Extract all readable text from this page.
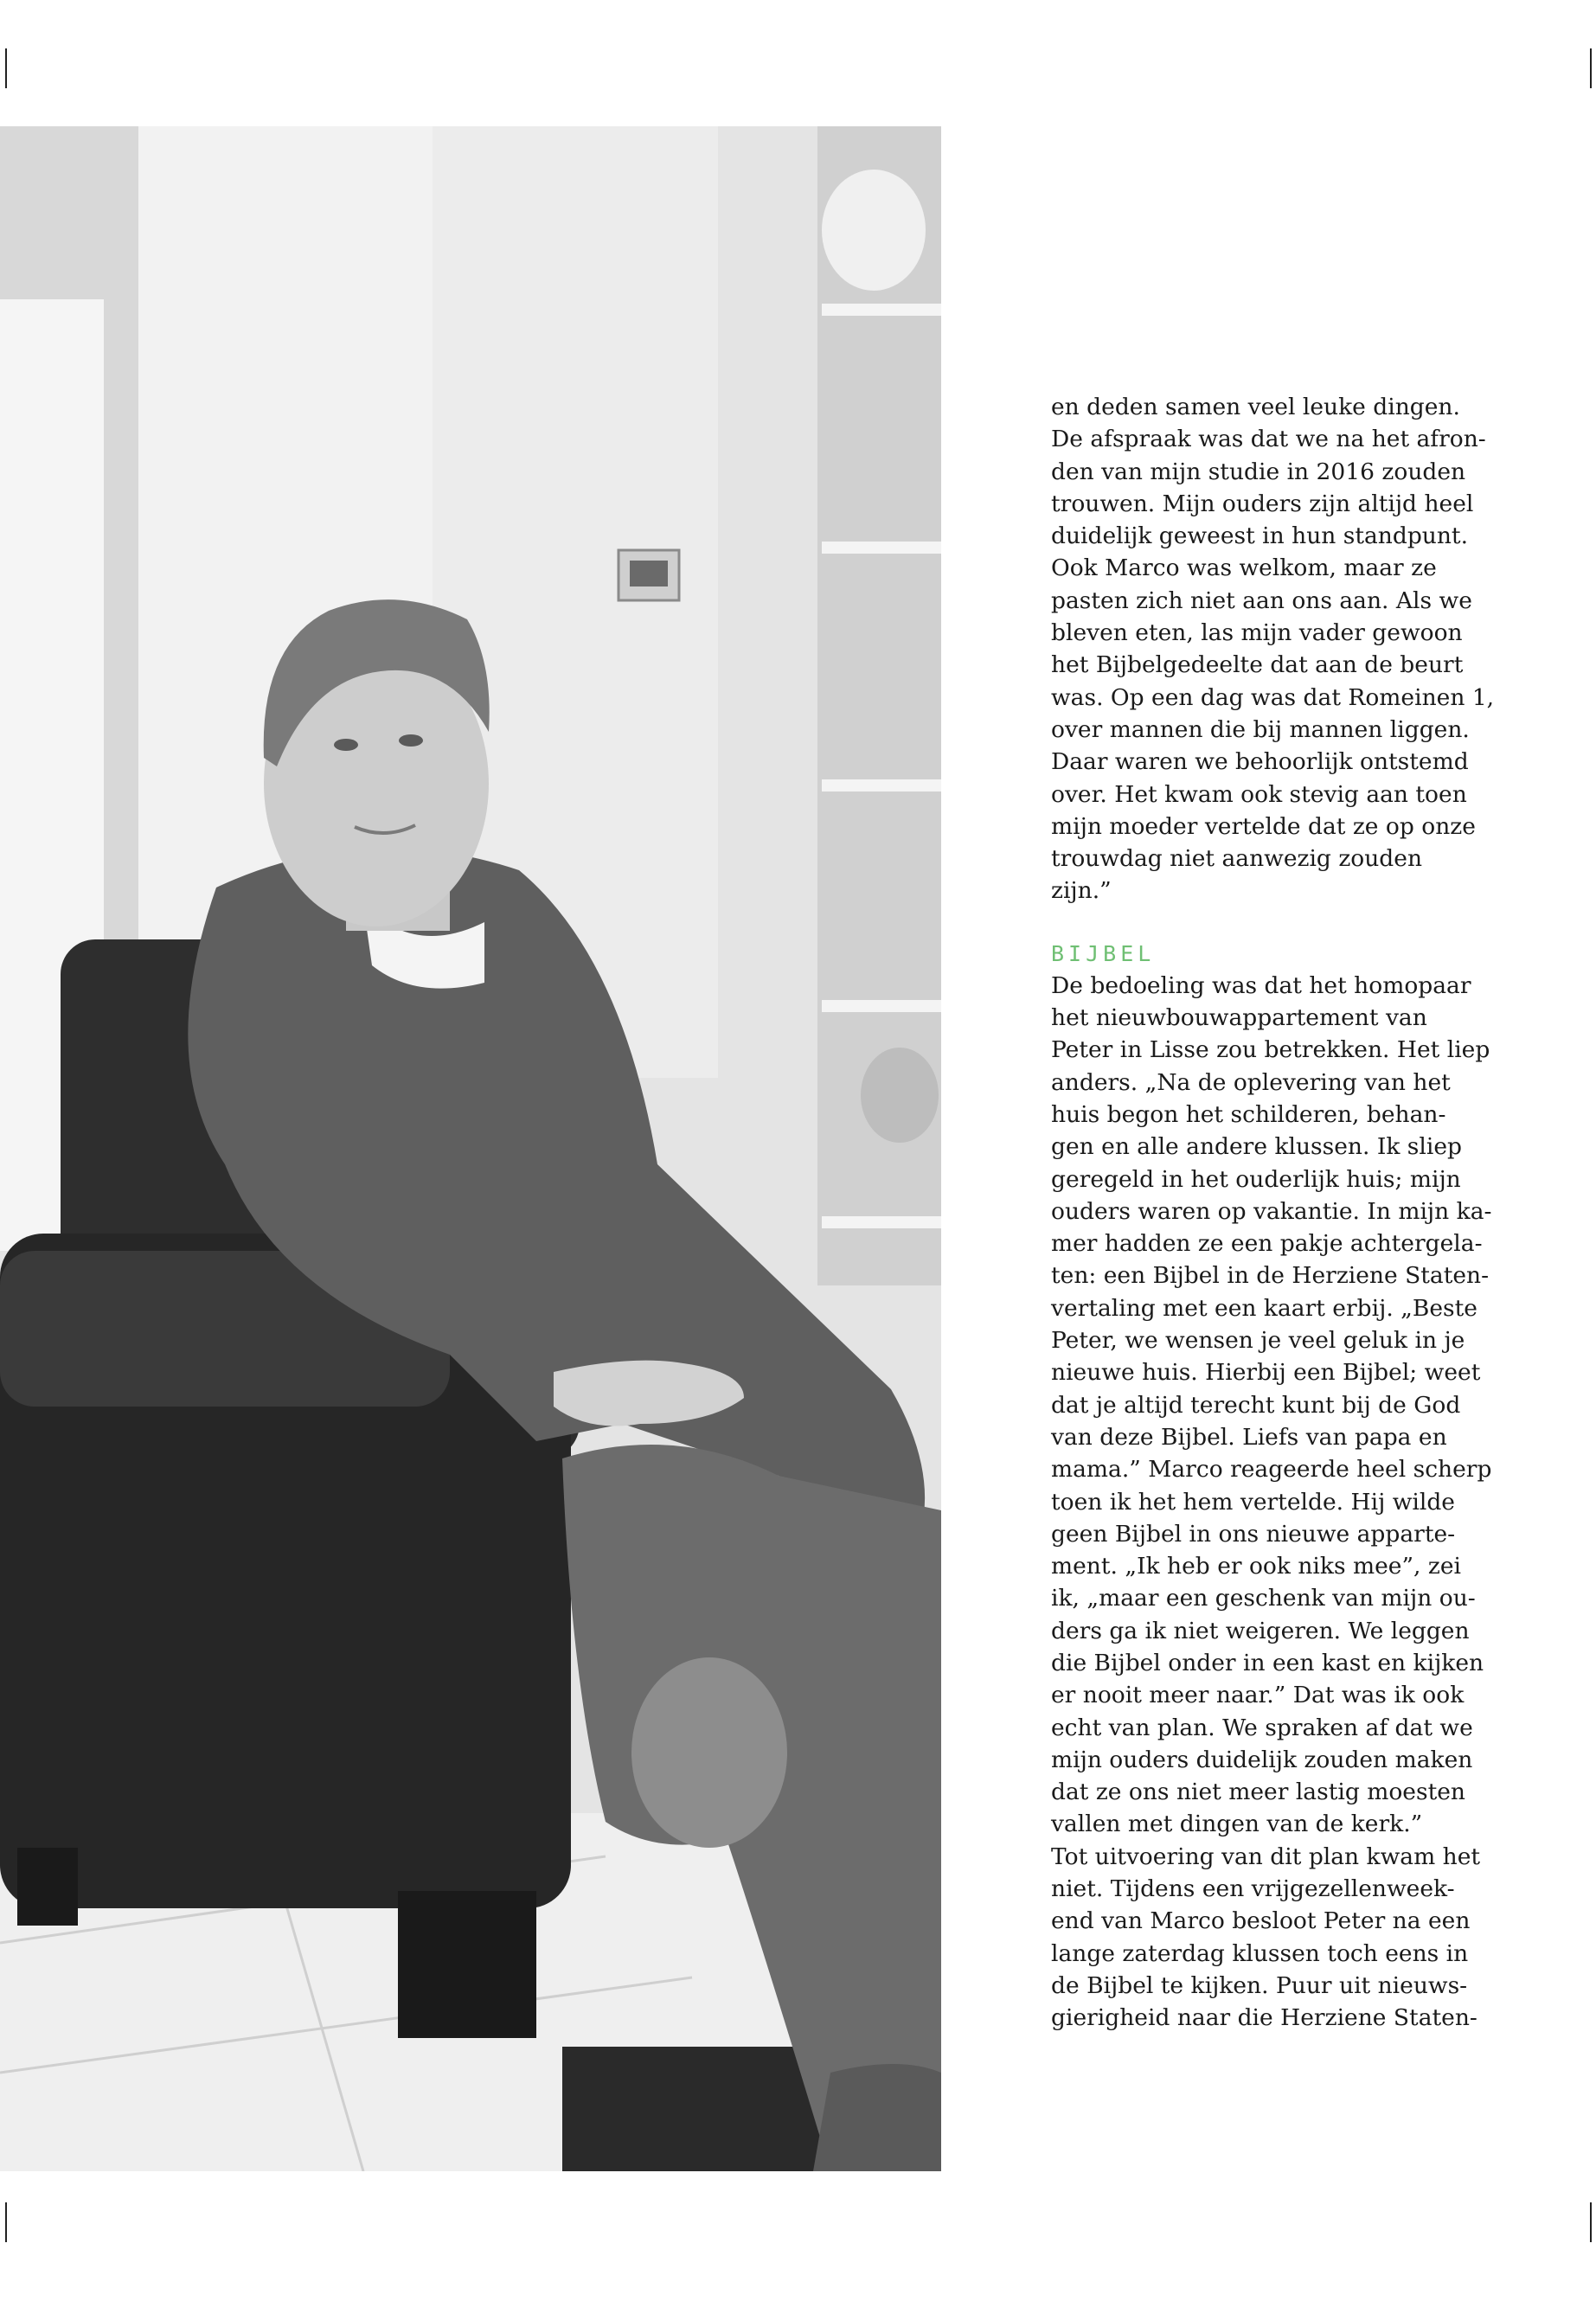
en deden samen veel leuke dingen.
De afspraak was dat we na het afron-
den van mijn studie in 2016 zouden
trouwen. Mijn ouders zijn altijd heel
duidelijk geweest in hun standpunt.
Ook Marco was welkom, maar ze
pasten zich niet aan ons aan. Als we
bleven eten, las mijn vader gewoon
het Bijbelgedeelte dat aan de beurt
was. Op een dag was dat Romeinen 1,
over mannen die bij mannen liggen.
Daar waren we behoorlijk ontstemd
over. Het kwam ook stevig aan toen
mijn moeder vertelde dat ze op onze
trouwdag niet aanwezig zouden
zijn.”
BIJBEL
De bedoeling was dat het homopaar
het nieuwbouwappartement van
Peter in Lisse zou betrekken. Het liep
anders. „Na de oplevering van het
huis begon het schilderen, behan-
gen en alle andere klussen. Ik sliep
geregeld in het ouderlijk huis; mijn
ouders waren op vakantie. In mijn ka-
mer hadden ze een pakje achtergela-
ten: een Bijbel in de Herziene Staten-
vertaling met een kaart erbij. „Beste
Peter, we wensen je veel geluk in je
nieuwe huis. Hierbij een Bijbel; weet
dat je altijd terecht kunt bij de God
van deze Bijbel. Liefs van papa en
mama.” Marco reageerde heel scherp
toen ik het hem vertelde. Hij wilde
geen Bijbel in ons nieuwe apparte-
ment. „Ik heb er ook niks mee”, zei
ik, „maar een geschenk van mijn ou-
ders ga ik niet weigeren. We leggen
die Bijbel onder in een kast en kijken
er nooit meer naar.” Dat was ik ook
echt van plan. We spraken af dat we
mijn ouders duidelijk zouden maken
dat ze ons niet meer lastig moesten
vallen met dingen van de kerk.”
Tot uitvoering van dit plan kwam het
niet. Tijdens een vrijgezellenweek-
end van Marco besloot Peter na een
lange zaterdag klussen toch eens in
de Bijbel te kijken. Puur uit nieuws-
gierigheid naar die Herziene Staten-
